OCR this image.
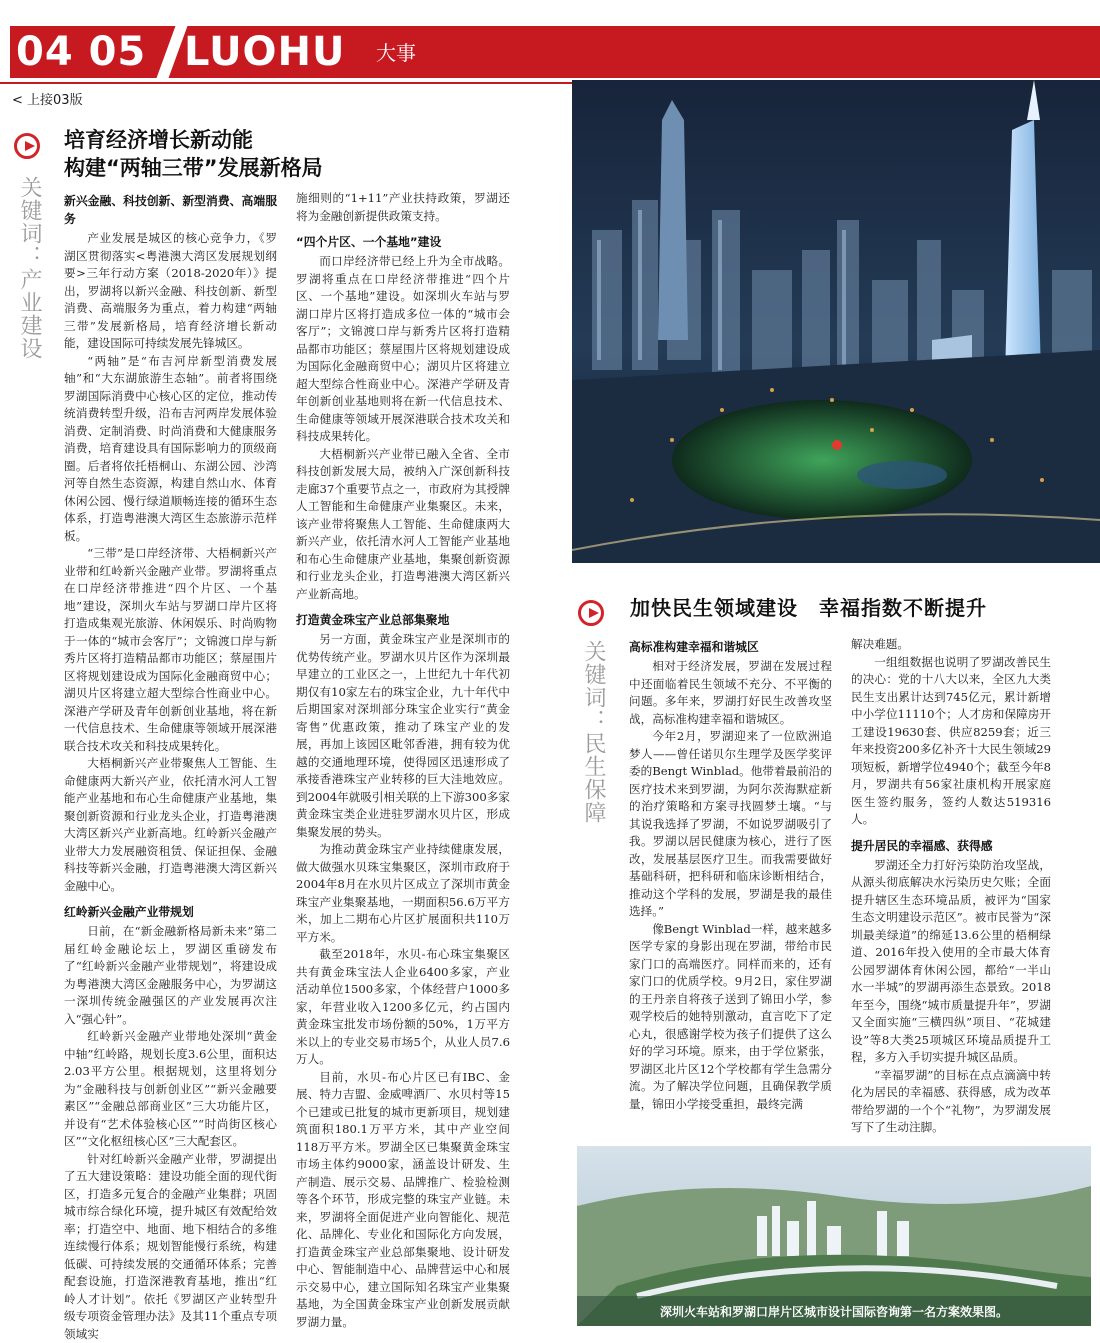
04 05 LUOHU 大事
< 上接03版
关键词：产业建设
培育经济增长新动能
构建“两轴三带”发展新格局
新兴金融、科技创新、新型消费、高端服务

产业发展是城区的核心竞争力，《罗湖区贯彻落实<粤港澳大湾区发展规划纲要>三年行动方案（2018-2020年）》提出，罗湖将以新兴金融、科技创新、新型消费、高端服务为重点，着力构建“两轴三带”发展新格局，培育经济增长新动能，建设国际可持续发展先锋城区。

“两轴”是“布吉河岸新型消费发展轴”和“大东湖旅游生态轴”。前者将围绕罗湖国际消费中心核心区的定位，推动传统消费转型升级，沿布吉河两岸发展体验消费、定制消费、时尚消费和大健康服务消费，培育建设具有国际影响力的顶级商圈。后者将依托梧桐山、东湖公园、沙湾河等自然生态资源，构建自然山水、体育休闲公园、慢行绿道顺畅连接的循环生态体系，打造粤港澳大湾区生态旅游示范样板。

“三带”是口岸经济带、大梧桐新兴产业带和红岭新兴金融产业带。罗湖将重点在口岸经济带推进“四个片区、一个基地”建设，深圳火车站与罗湖口岸片区将打造成集观光旅游、休闲娱乐、时尚购物于一体的“城市会客厅”；文锦渡口岸与新秀片区将打造精品都市功能区；蔡屋围片区将规划建设成为国际化金融商贸中心；湖贝片区将建立超大型综合性商业中心。深港产学研及青年创新创业基地，将在新一代信息技术、生命健康等领域开展深港联合技术攻关和科技成果转化。

大梧桐新兴产业带聚焦人工智能、生命健康两大新兴产业，依托清水河人工智能产业基地和布心生命健康产业基地，集聚创新资源和行业龙头企业，打造粤港澳大湾区新兴产业新高地。红岭新兴金融产业带大力发展融资租赁、保证担保、金融科技等新兴金融，打造粤港澳大湾区新兴金融中心。

红岭新兴金融产业带规划

日前，在“新金融新格局新未来”第二届红岭金融论坛上，罗湖区重磅发布了“红岭新兴金融产业带规划”，将建设成为粤港澳大湾区金融服务中心，为罗湖这一深圳传统金融强区的产业发展再次注入“强心针”。

红岭新兴金融产业带地处深圳“黄金中轴”红岭路，规划长度3.6公里，面积达2.03平方公里。根据规划，这里将划分为“金融科技与创新创业区”“新兴金融要素区”“金融总部商业区”三大功能片区，并设有“艺术体验核心区”“时尚街区核心区”“文化枢纽核心区”三大配套区。

针对红岭新兴金融产业带，罗湖提出了五大建设策略：建设功能全面的现代街区，打造多元复合的金融产业集群；巩固城市综合绿化环境，提升城区有效配给效率；打造空中、地面、地下相结合的多维连续慢行体系；规划智能慢行系统，构建低碳、可持续发展的交通循环体系；完善配套设施，打造深港教育基地，推出“红岭人才计划”。依托《罗湖区产业转型升级专项资金管理办法》及其11个重点专项领域实

施细则的“1+11”产业扶持政策，罗湖还将为金融创新提供政策支持。

“四个片区、一个基地”建设

而口岸经济带已经上升为全市战略。罗湖将重点在口岸经济带推进“四个片区、一个基地”建设。如深圳火车站与罗湖口岸片区将打造成多位一体的“城市会客厅”；文锦渡口岸与新秀片区将打造精品都市功能区；蔡屋围片区将规划建设成为国际化金融商贸中心；湖贝片区将建立超大型综合性商业中心。深港产学研及青年创新创业基地则将在新一代信息技术、生命健康等领域开展深港联合技术攻关和科技成果转化。

大梧桐新兴产业带已融入全省、全市科技创新发展大局，被纳入广深创新科技走廊37个重要节点之一，市政府为其授牌人工智能和生命健康产业集聚区。未来，该产业带将聚焦人工智能、生命健康两大新兴产业，依托清水河人工智能产业基地和布心生命健康产业基地，集聚创新资源和行业龙头企业，打造粤港澳大湾区新兴产业新高地。

打造黄金珠宝产业总部集聚地

另一方面，黄金珠宝产业是深圳市的优势传统产业。罗湖水贝片区作为深圳最早建立的工业区之一，上世纪九十年代初期仅有10家左右的珠宝企业，九十年代中后期国家对深圳部分珠宝企业实行“黄金寄售”优惠政策，推动了珠宝产业的发展，再加上该园区毗邻香港，拥有较为优越的交通地理环境，使得园区迅速形成了承接香港珠宝产业转移的巨大洼地效应。到2004年就吸引相关联的上下游300多家黄金珠宝类企业进驻罗湖水贝片区，形成集聚发展的势头。

为推动黄金珠宝产业持续健康发展，做大做强水贝珠宝集聚区，深圳市政府于2004年8月在水贝片区成立了深圳市黄金珠宝产业集聚基地，一期面积56.6万平方米，加上二期布心片区扩展面积共110万平方米。

截至2018年，水贝-布心珠宝集聚区共有黄金珠宝法人企业6400多家，产业活动单位1500多家，个体经营户1000多家，年营业收入1200多亿元，约占国内黄金珠宝批发市场份额的50%，1万平方米以上的专业交易市场5个，从业人员7.6万人。

目前，水贝-布心片区已有IBC、金展、特力吉盟、金威啤酒厂、水贝村等15个已建或已批复的城市更新项目，规划建筑面积180.1万平方米，其中产业空间118万平方米。罗湖全区已集聚黄金珠宝市场主体约9000家，涵盖设计研发、生产制造、展示交易、品牌推广、检验检测等各个环节，形成完整的珠宝产业链。未来，罗湖将全面促进产业向智能化、规范化、品牌化、专业化和国际化方向发展，打造黄金珠宝产业总部集聚地、设计研发中心、智能制造中心、品牌营运中心和展示交易中心，建立国际知名珠宝产业集聚基地，为全国黄金珠宝产业创新发展贡献罗湖力量。

关键词：民生保障
加快民生领域建设　幸福指数不断提升
高标准构建幸福和谐城区

相对于经济发展，罗湖在发展过程中还面临着民生领域不充分、不平衡的问题。多年来，罗湖打好民生改善攻坚战，高标准构建幸福和谐城区。

今年2月，罗湖迎来了一位欧洲追梦人——曾任诺贝尔生理学及医学奖评委的Bengt Winblad。他带着最前沿的医疗技术来到罗湖，为阿尔茨海默症新的治疗策略和方案寻找圆梦土壤。“与其说我选择了罗湖，不如说罗湖吸引了我。罗湖以居民健康为核心，进行了医改，发展基层医疗卫生。而我需要做好基础科研，把科研和临床诊断相结合，推动这个学科的发展，罗湖是我的最佳选择。”

像Bengt Winblad一样，越来越多医学专家的身影出现在罗湖，带给市民家门口的高端医疗。同样而来的，还有家门口的优质学校。9月2日，家住罗湖的王丹亲自将孩子送到了锦田小学，参观学校后的她特别激动，直言吃下了定心丸，很感谢学校为孩子们提供了这么好的学习环境。原来，由于学位紧张，罗湖区北片区12个学校都有学生急需分流。为了解决学位问题，且确保教学质量，锦田小学接受重担，最终完满

解决难题。

一组组数据也说明了罗湖改善民生的决心：党的十八大以来，全区九大类民生支出累计达到745亿元，累计新增中小学位11110个；人才房和保障房开工建设19630套、供应8259套；近三年来投资200多亿补齐十大民生领域29项短板，新增学位4940个；截至今年8月，罗湖共有56家社康机构开展家庭医生签约服务，签约人数达519316人。

提升居民的幸福感、获得感

罗湖还全力打好污染防治攻坚战，从源头彻底解决水污染历史欠账；全面提升辖区生态环境品质，被评为“国家生态文明建设示范区”。被市民誉为“深圳最美绿道”的绵延13.6公里的梧桐绿道、2016年投入使用的全市最大体育公园罗湖体育休闲公园，都给“一半山水一半城”的罗湖再添生态景致。2018年至今，围绕“城市质量提升年”，罗湖又全面实施“三横四纵”项目、“花城建设”等8大类25项城区环境品质提升工程，多方入手切实提升城区品质。

“幸福罗湖”的目标在点点滴滴中转化为居民的幸福感、获得感，成为改革带给罗湖的一个个“礼物”，为罗湖发展写下了生动注脚。

深圳火车站和罗湖口岸片区城市设计国际咨询第一名方案效果图。
